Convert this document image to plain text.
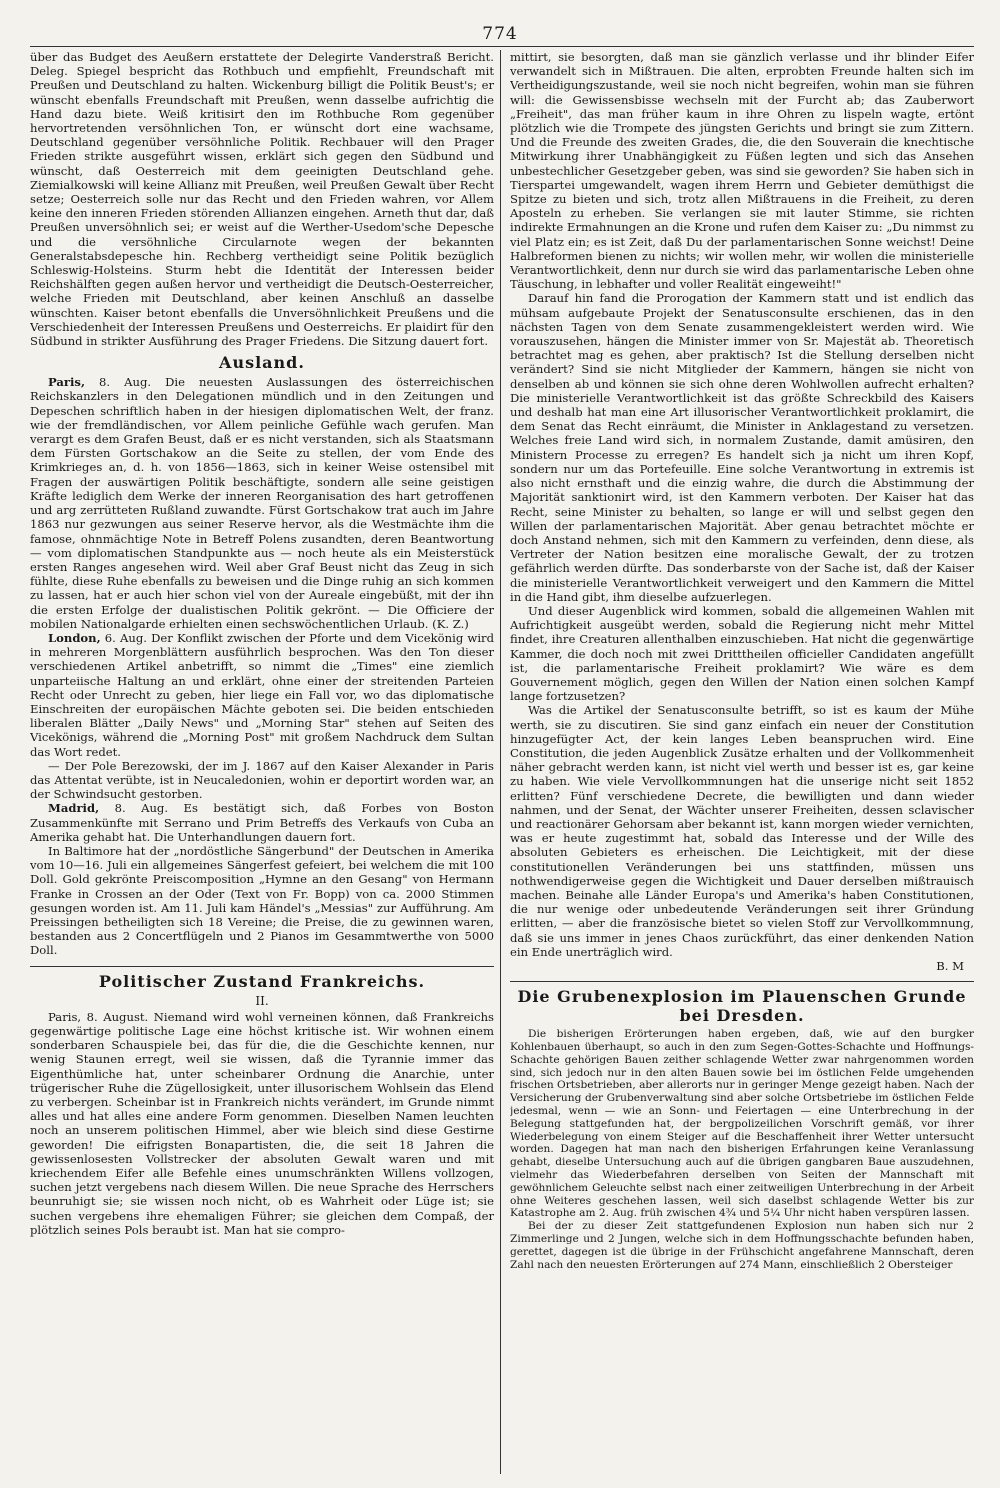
774

über das Budget des Aeußern erstattete der Delegirte Vanderstraß Bericht. Deleg. Spiegel bespricht das Rothbuch und empfiehlt, Freundschaft mit Preußen und Deutschland zu halten. Wickenburg billigt die Politik Beust's; er wünscht ebenfalls Freundschaft mit Preußen, wenn dasselbe aufrichtig die Hand dazu biete. Weiß kritisirt den im Rothbuche Rom gegenüber hervortretenden versöhnlichen Ton, er wünscht dort eine wachsame, Deutschland gegenüber versöhnliche Politik. Rechbauer will den Prager Frieden strikte ausgeführt wissen, erklärt sich gegen den Südbund und wünscht, daß Oesterreich mit dem geeinigten Deutschland gehe. Ziemialkowski will keine Allianz mit Preußen, weil Preußen Gewalt über Recht setze; Oesterreich solle nur das Recht und den Frieden wahren, vor Allem keine den inneren Frieden störenden Allianzen eingehen. Arneth thut dar, daß Preußen unversöhnlich sei; er weist auf die Werther-Usedom'sche Depesche und die versöhnliche Circularnote wegen der bekannten Generalstabsdepesche hin. Rechberg vertheidigt seine Politik bezüglich Schleswig-Holsteins. Sturm hebt die Identität der Interessen beider Reichshälften gegen außen hervor und vertheidigt die Deutsch-Oesterreicher, welche Frieden mit Deutschland, aber keinen Anschluß an dasselbe wünschten. Kaiser betont ebenfalls die Unversöhnlichkeit Preußens und die Verschiedenheit der Interessen Preußens und Oesterreichs. Er plaidirt für den Südbund in strikter Ausführung des Prager Friedens. Die Sitzung dauert fort.

Ausland.

Paris, 8. Aug. Die neuesten Auslassungen des österreichischen Reichskanzlers in den Delegationen mündlich und in den Zeitungen und Depeschen schriftlich haben in der hiesigen diplomatischen Welt, der franz. wie der fremdländischen, vor Allem peinliche Gefühle wach gerufen. Man verargt es dem Grafen Beust, daß er es nicht verstanden, sich als Staatsmann dem Fürsten Gortschakow an die Seite zu stellen, der vom Ende des Krimkrieges an, d. h. von 1856—1863, sich in keiner Weise ostensibel mit Fragen der auswärtigen Politik beschäftigte, sondern alle seine geistigen Kräfte lediglich dem Werke der inneren Reorganisation des hart getroffenen und arg zerrütteten Rußland zuwandte. Fürst Gortschakow trat auch im Jahre 1863 nur gezwungen aus seiner Reserve hervor, als die Westmächte ihm die famose, ohnmächtige Note in Betreff Polens zusandten, deren Beantwortung — vom diplomatischen Standpunkte aus — noch heute als ein Meisterstück ersten Ranges angesehen wird. Weil aber Graf Beust nicht das Zeug in sich fühlte, diese Ruhe ebenfalls zu beweisen und die Dinge ruhig an sich kommen zu lassen, hat er auch hier schon viel von der Aureale eingebüßt, mit der ihn die ersten Erfolge der dualistischen Politik gekrönt. — Die Officiere der mobilen Nationalgarde erhielten einen sechswöchentlichen Urlaub. (K. Z.)

London, 6. Aug. Der Konflikt zwischen der Pforte und dem Vicekönig wird in mehreren Morgenblättern ausführlich besprochen. Was den Ton dieser verschiedenen Artikel anbetrifft, so nimmt die „Times" eine ziemlich unparteiische Haltung an und erklärt, ohne einer der streitenden Parteien Recht oder Unrecht zu geben, hier liege ein Fall vor, wo das diplomatische Einschreiten der europäischen Mächte geboten sei. Die beiden entschieden liberalen Blätter „Daily News" und „Morning Star" stehen auf Seiten des Vicekönigs, während die „Morning Post" mit großem Nachdruck dem Sultan das Wort redet.

— Der Pole Berezowski, der im J. 1867 auf den Kaiser Alexander in Paris das Attentat verübte, ist in Neucaledonien, wohin er deportirt worden war, an der Schwindsucht gestorben.

Madrid, 8. Aug. Es bestätigt sich, daß Forbes von Boston Zusammenkünfte mit Serrano und Prim Betreffs des Verkaufs von Cuba an Amerika gehabt hat. Die Unterhandlungen dauern fort.

In Baltimore hat der „nordöstliche Sängerbund" der Deutschen in Amerika vom 10—16. Juli ein allgemeines Sängerfest gefeiert, bei welchem die mit 100 Doll. Gold gekrönte Preiscomposition „Hymne an den Gesang" von Hermann Franke in Crossen an der Oder (Text von Fr. Bopp) von ca. 2000 Stimmen gesungen worden ist. Am 11. Juli kam Händel's „Messias" zur Aufführung. Am Preissingen betheiligten sich 18 Vereine; die Preise, die zu gewinnen waren, bestanden aus 2 Concertflügeln und 2 Pianos im Gesammtwerthe von 5000 Doll.

Politischer Zustand Frankreichs.
II.

Paris, 8. August. Niemand wird wohl verneinen können, daß Frankreichs gegenwärtige politische Lage eine höchst kritische ist. Wir wohnen einem sonderbaren Schauspiele bei, das für die, die die Geschichte kennen, nur wenig Staunen erregt, weil sie wissen, daß die Tyrannie immer das Eigenthümliche hat, unter scheinbarer Ordnung die Anarchie, unter trügerischer Ruhe die Zügellosigkeit, unter illusorischem Wohlsein das Elend zu verbergen. Scheinbar ist in Frankreich nichts verändert, im Grunde nimmt alles und hat alles eine andere Form genommen. Dieselben Namen leuchten noch an unserem politischen Himmel, aber wie bleich sind diese Gestirne geworden! Die eifrigsten Bonapartisten, die, die seit 18 Jahren die gewissenlosesten Vollstrecker der absoluten Gewalt waren und mit kriechendem Eifer alle Befehle eines unumschränkten Willens vollzogen, suchen jetzt vergebens nach diesem Willen. Die neue Sprache des Herrschers beunruhigt sie; sie wissen noch nicht, ob es Wahrheit oder Lüge ist; sie suchen vergebens ihre ehemaligen Führer; sie gleichen dem Compaß, der plötzlich seines Pols beraubt ist. Man hat sie compro-

mittirt, sie besorgten, daß man sie gänzlich verlasse und ihr blinder Eifer verwandelt sich in Mißtrauen. Die alten, erprobten Freunde halten sich im Vertheidigungszustande, weil sie noch nicht begreifen, wohin man sie führen will: die Gewissensbisse wechseln mit der Furcht ab; das Zauberwort „Freiheit", das man früher kaum in ihre Ohren zu lispeln wagte, ertönt plötzlich wie die Trompete des jüngsten Gerichts und bringt sie zum Zittern. Und die Freunde des zweiten Grades, die, die den Souverain die knechtische Mitwirkung ihrer Unabhängigkeit zu Füßen legten und sich das Ansehen unbestechlicher Gesetzgeber geben, was sind sie geworden? Sie haben sich in Tierspartei umgewandelt, wagen ihrem Herrn und Gebieter demüthigst die Spitze zu bieten und sich, trotz allen Mißtrauens in die Freiheit, zu deren Aposteln zu erheben. Sie verlangen sie mit lauter Stimme, sie richten indirekte Ermahnungen an die Krone und rufen dem Kaiser zu: „Du nimmst zu viel Platz ein; es ist Zeit, daß Du der parlamentarischen Sonne weichst! Deine Halbreformen bienen zu nichts; wir wollen mehr, wir wollen die ministerielle Verantwortlichkeit, denn nur durch sie wird das parlamentarische Leben ohne Täuschung, in lebhafter und voller Realität eingeweiht!"

Darauf hin fand die Prorogation der Kammern statt und ist endlich das mühsam aufgebaute Projekt der Senatusconsulte erschienen, das in den nächsten Tagen von dem Senate zusammengekleistert werden wird. Wie vorauszusehen, hängen die Minister immer von Sr. Majestät ab. Theoretisch betrachtet mag es gehen, aber praktisch? Ist die Stellung derselben nicht verändert? Sind sie nicht Mitglieder der Kammern, hängen sie nicht von denselben ab und können sie sich ohne deren Wohlwollen aufrecht erhalten? Die ministerielle Verantwortlichkeit ist das größte Schreckbild des Kaisers und deshalb hat man eine Art illusorischer Verantwortlichkeit proklamirt, die dem Senat das Recht einräumt, die Minister in Anklagestand zu versetzen. Welches freie Land wird sich, in normalem Zustande, damit amüsiren, den Ministern Processe zu erregen? Es handelt sich ja nicht um ihren Kopf, sondern nur um das Portefeuille. Eine solche Verantwortung in extremis ist also nicht ernsthaft und die einzig wahre, die durch die Abstimmung der Majorität sanktionirt wird, ist den Kammern verboten. Der Kaiser hat das Recht, seine Minister zu behalten, so lange er will und selbst gegen den Willen der parlamentarischen Majorität. Aber genau betrachtet möchte er doch Anstand nehmen, sich mit den Kammern zu verfeinden, denn diese, als Vertreter der Nation besitzen eine moralische Gewalt, der zu trotzen gefährlich werden dürfte. Das sonderbarste von der Sache ist, daß der Kaiser die ministerielle Verantwortlichkeit verweigert und den Kammern die Mittel in die Hand gibt, ihm dieselbe aufzuerlegen.

Und dieser Augenblick wird kommen, sobald die allgemeinen Wahlen mit Aufrichtigkeit ausgeübt werden, sobald die Regierung nicht mehr Mittel findet, ihre Creaturen allenthalben einzuschieben. Hat nicht die gegenwärtige Kammer, die doch noch mit zwei Dritttheilen officieller Candidaten angefüllt ist, die parlamentarische Freiheit proklamirt? Wie wäre es dem Gouvernement möglich, gegen den Willen der Nation einen solchen Kampf lange fortzusetzen?

Was die Artikel der Senatusconsulte betrifft, so ist es kaum der Mühe werth, sie zu discutiren. Sie sind ganz einfach ein neuer der Constitution hinzugefügter Act, der kein langes Leben beanspruchen wird. Eine Constitution, die jeden Augenblick Zusätze erhalten und der Vollkommenheit näher gebracht werden kann, ist nicht viel werth und besser ist es, gar keine zu haben. Wie viele Vervollkommnungen hat die unserige nicht seit 1852 erlitten? Fünf verschiedene Decrete, die bewilligten und dann wieder nahmen, und der Senat, der Wächter unserer Freiheiten, dessen sclavischer und reactionärer Gehorsam aber bekannt ist, kann morgen wieder vernichten, was er heute zugestimmt hat, sobald das Interesse und der Wille des absoluten Gebieters es erheischen. Die Leichtigkeit, mit der diese constitutionellen Veränderungen bei uns stattfinden, müssen uns nothwendigerweise gegen die Wichtigkeit und Dauer derselben mißtrauisch machen. Beinahe alle Länder Europa's und Amerika's haben Constitutionen, die nur wenige oder unbedeutende Veränderungen seit ihrer Gründung erlitten, — aber die französische bietet so vielen Stoff zur Vervollkommnung, daß sie uns immer in jenes Chaos zurückführt, das einer denkenden Nation ein Ende unerträglich wird.

B. M
Die Grubenexplosion im Plauenschen Grunde bei Dresden.

Die bisherigen Erörterungen haben ergeben, daß, wie auf den burgker Kohlenbauen überhaupt, so auch in den zum Segen-Gottes-Schachte und Hoffnungs-Schachte gehörigen Bauen zeither schlagende Wetter zwar nahrgenommen worden sind, sich jedoch nur in den alten Bauen sowie bei im östlichen Felde umgehenden frischen Ortsbetrieben, aber allerorts nur in geringer Menge gezeigt haben. Nach der Versicherung der Grubenverwaltung sind aber solche Ortsbetriebe im östlichen Felde jedesmal, wenn — wie an Sonn- und Feiertagen — eine Unterbrechung in der Belegung stattgefunden hat, der bergpolizeilichen Vorschrift gemäß, vor ihrer Wiederbelegung von einem Steiger auf die Beschaffenheit ihrer Wetter untersucht worden. Dagegen hat man nach den bisherigen Erfahrungen keine Veranlassung gehabt, dieselbe Untersuchung auch auf die übrigen gangbaren Baue auszudehnen, vielmehr das Wiederbefahren derselben von Seiten der Mannschaft mit gewöhnlichem Geleuchte selbst nach einer zeitweiligen Unterbrechung in der Arbeit ohne Weiteres geschehen lassen, weil sich daselbst schlagende Wetter bis zur Katastrophe am 2. Aug. früh zwischen 4¾ und 5¼ Uhr nicht haben verspüren lassen.

Bei der zu dieser Zeit stattgefundenen Explosion nun haben sich nur 2 Zimmerlinge und 2 Jungen, welche sich in dem Hoffnungsschachte befunden haben, gerettet, dagegen ist die übrige in der Frühschicht angefahrene Mannschaft, deren Zahl nach den neuesten Erörterungen auf 274 Mann, einschließlich 2 Obersteiger
